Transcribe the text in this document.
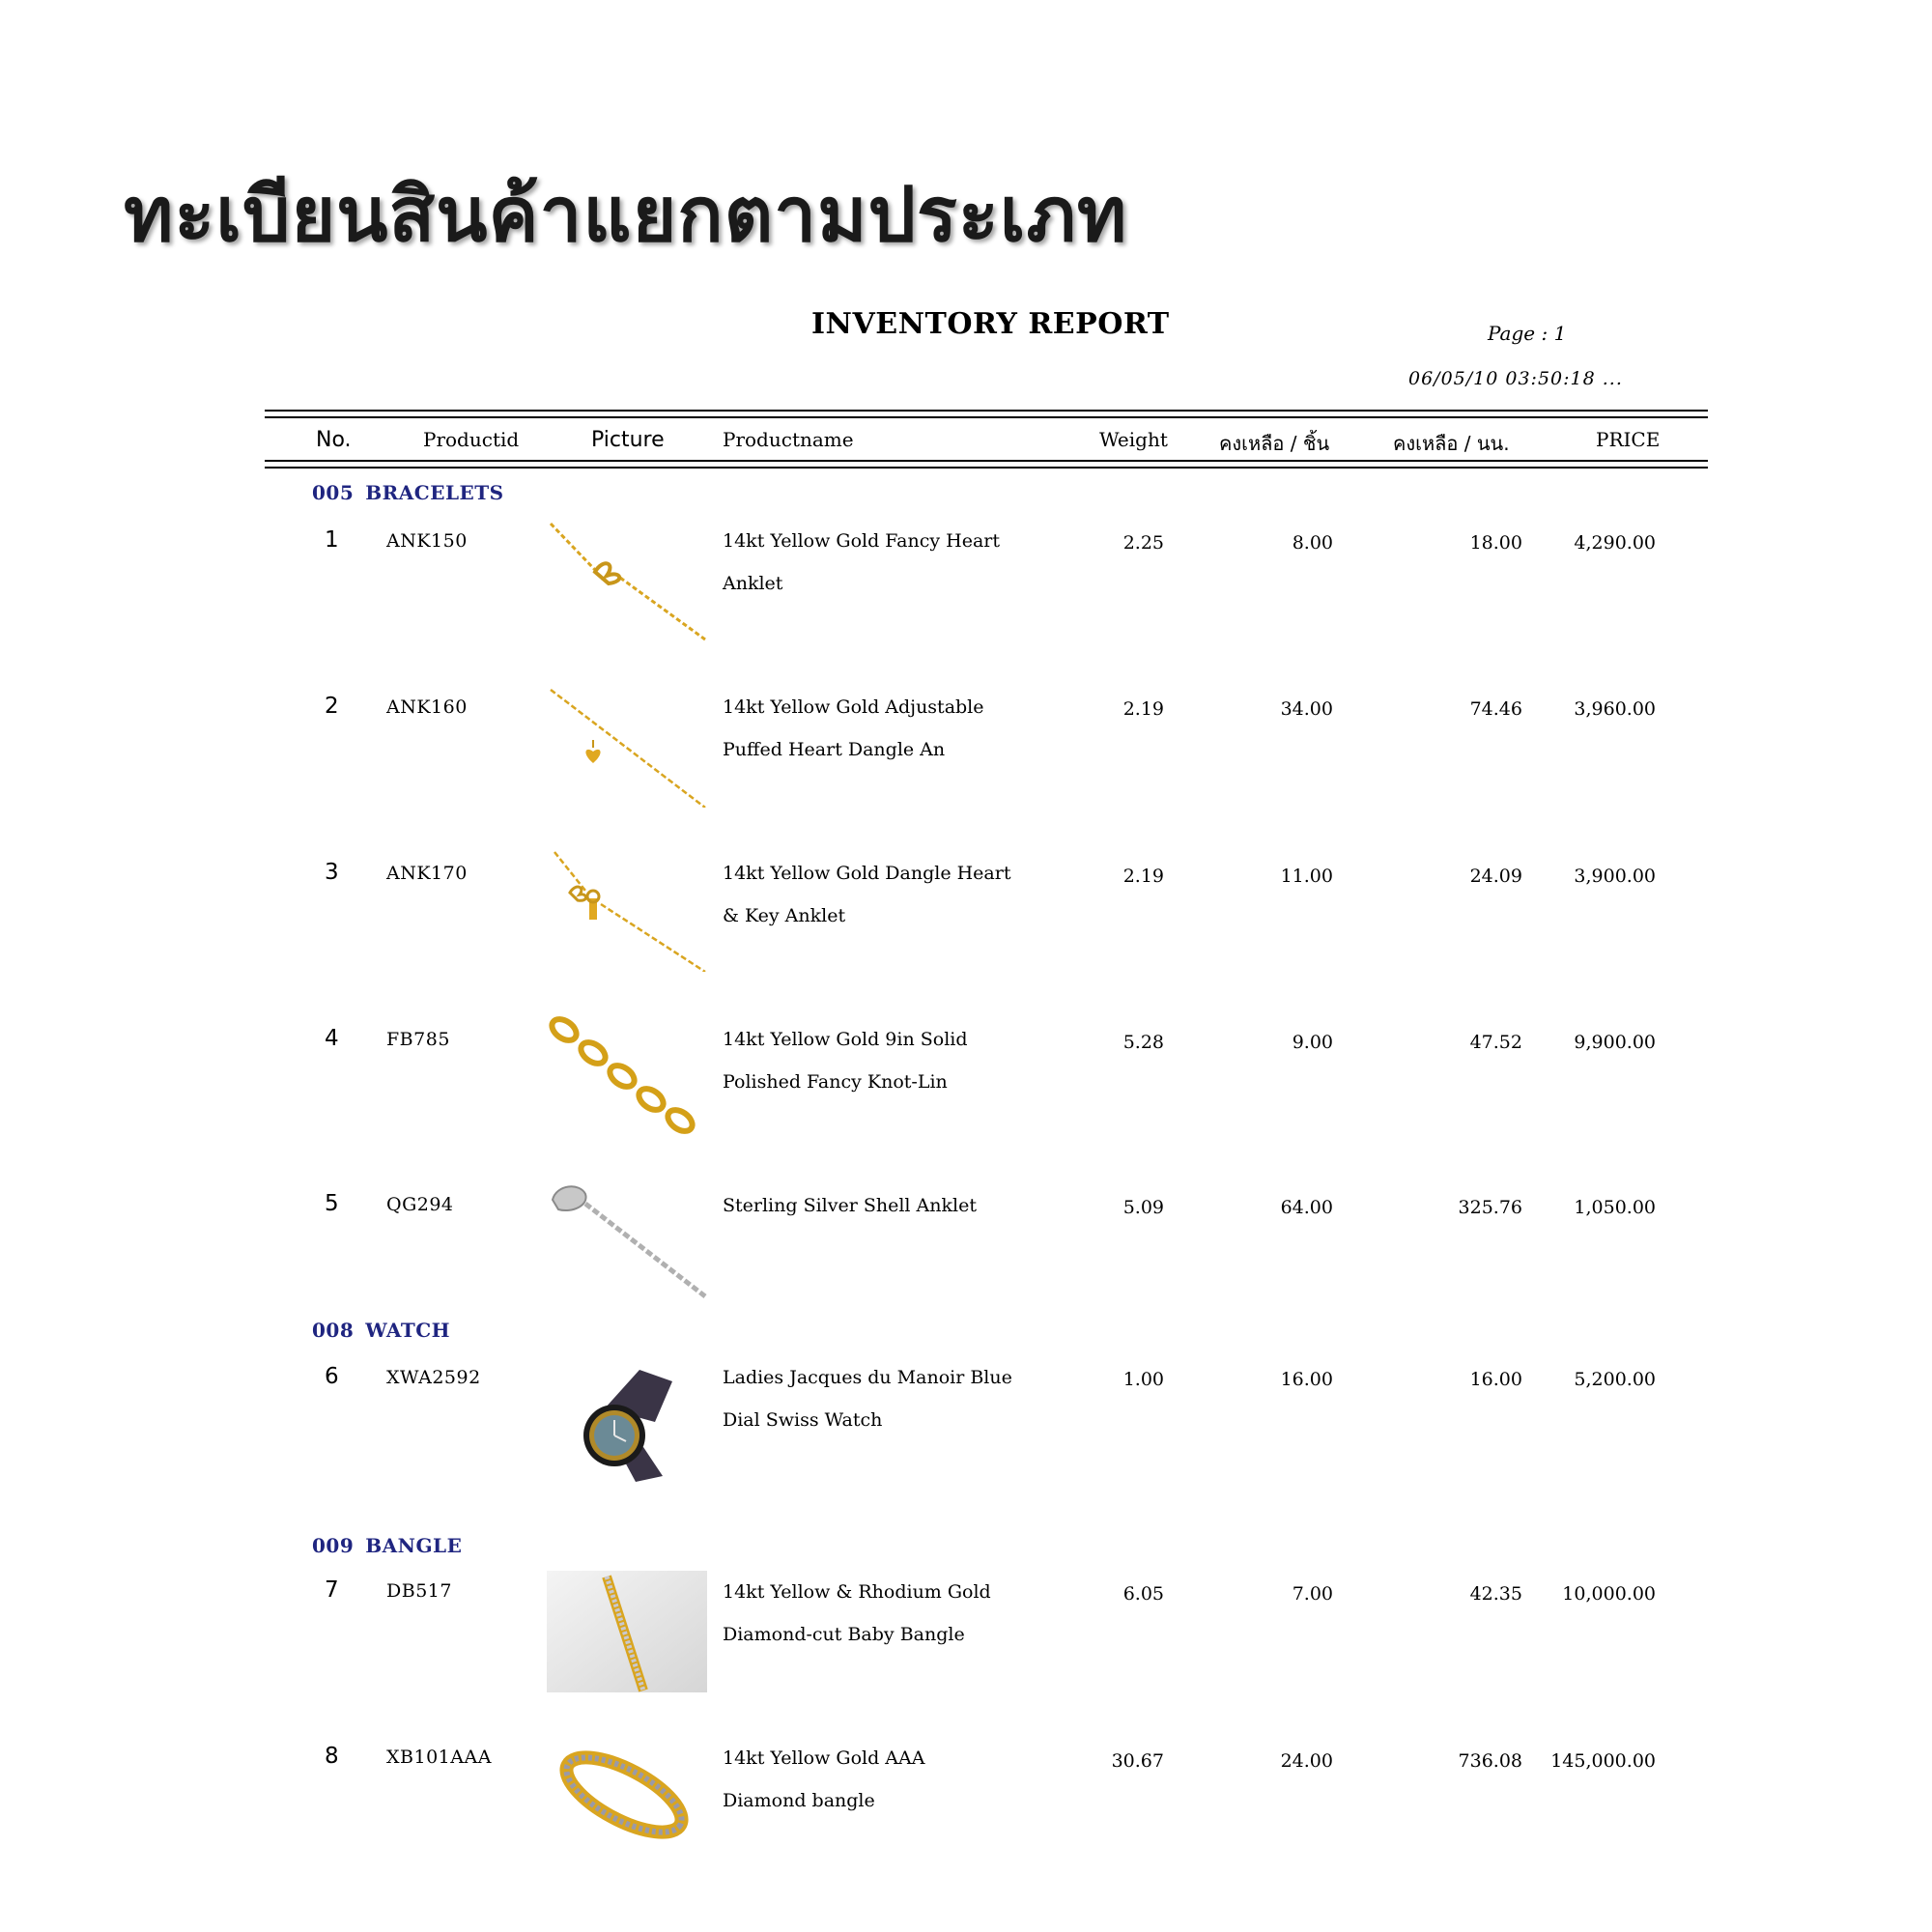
ทะเบียนสินค้าแยกตามประเภท
INVENTORY REPORT	Page : 1
06/05/10 03:50:18 ...
No.	Productid	Picture	Productname	Weight	คงเหลือ / ชิ้น	คงเหลือ / นน.	PRICE
005 BRACELETS
008 WATCH
009 BANGLE
1	ANK150	14kt Yellow Gold Fancy Heart
Anklet
2.25	8.00	18.00	4,290.00
2	ANK160	14kt Yellow Gold Adjustable
Puffed Heart Dangle An
2.19	34.00	74.46	3,960.00
3	ANK170	14kt Yellow Gold Dangle Heart
& Key Anklet
2.19	11.00	24.09	3,900.00
4	FB785	14kt Yellow Gold 9in Solid
Polished Fancy Knot-Lin
5.28	9.00	47.52	9,900.00
5	QG294	Sterling Silver Shell Anklet	5.09	64.00	325.76	1,050.00
6	XWA2592	Ladies Jacques du Manoir Blue
Dial Swiss Watch
1.00	16.00	16.00	5,200.00
7	DB517	14kt Yellow & Rhodium Gold
Diamond-cut Baby Bangle
6.05	7.00	42.35 10,000.00
8	XB101AAA	14kt Yellow Gold AAA
Diamond bangle
30.67	24.00	736.08 145,000.00
